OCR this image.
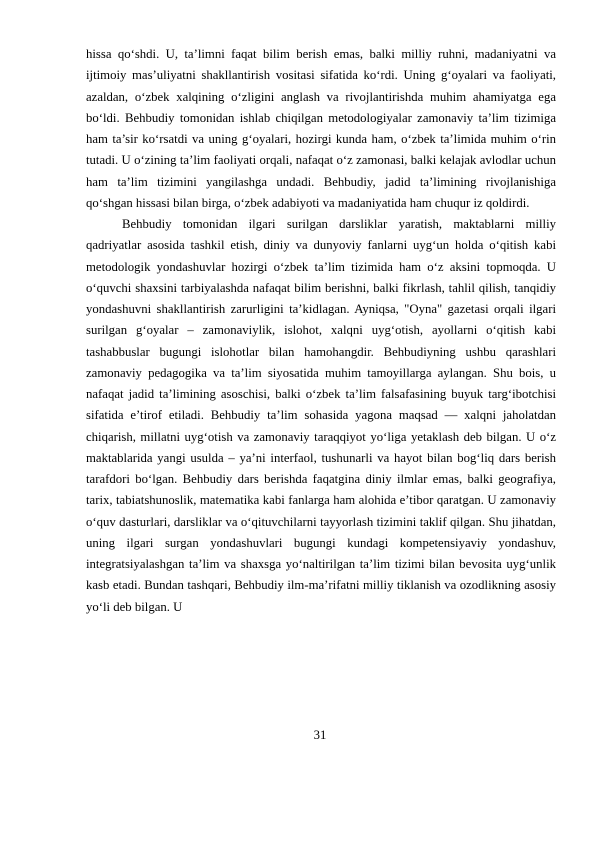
hissa qo‘shdi. U, ta’limni faqat bilim berish emas, balki milliy ruhni, madaniyatni va ijtimoiy mas’uliyatni shakllantirish vositasi sifatida ko‘rdi. Uning g‘oyalari va faoliyati, azaldan, o‘zbek xalqining o‘zligini anglash va rivojlantirishda muhim ahamiyatga ega bo‘ldi. Behbudiy tomonidan ishlab chiqilgan metodologiyalar zamonaviy ta’lim tizimiga ham ta’sir ko‘rsatdi va uning g‘oyalari, hozirgi kunda ham, o‘zbek ta’limida muhim o‘rin tutadi. U o‘zining ta’lim faoliyati orqali, nafaqat o‘z zamonasi, balki kelajak avlodlar uchun ham ta’lim tizimini yangilashga undadi. Behbudiy, jadid ta’limining rivojlanishiga qo‘shgan hissasi bilan birga, o‘zbek adabiyoti va madaniyatida ham chuqur iz qoldirdi.

Behbudiy tomonidan ilgari surilgan darsliklar yaratish, maktablarni milliy qadriyatlar asosida tashkil etish, diniy va dunyoviy fanlarni uyg‘un holda o‘qitish kabi metodologik yondashuvlar hozirgi o‘zbek ta’lim tizimida ham o‘z aksini topmoqda. U o‘quvchi shaxsini tarbiyalashda nafaqat bilim berishni, balki fikrlash, tahlil qilish, tanqidiy yondashuvni shakllantirish zarurligini ta’kidlagan. Ayniqsa, "Oyna" gazetasi orqali ilgari surilgan g‘oyalar – zamonaviylik, islohot, xalqni uyg‘otish, ayollarni o‘qitish kabi tashabbuslar bugungi islohotlar bilan hamohangdir. Behbudiyning ushbu qarashlari zamonaviy pedagogika va ta’lim siyosatida muhim tamoyillarga aylangan. Shu bois, u nafaqat jadid ta’limining asoschisi, balki o‘zbek ta’lim falsafasining buyuk targ‘ibotchisi sifatida e’tirof etiladi. Behbudiy ta’lim sohasida yagona maqsad — xalqni jaholatdan chiqarish, millatni uyg‘otish va zamonaviy taraqqiyot yo‘liga yetaklash deb bilgan. U o‘z maktablarida yangi usulda – ya’ni interfaol, tushunarli va hayot bilan bog‘liq dars berish tarafdori bo‘lgan. Behbudiy dars berishda faqatgina diniy ilmlar emas, balki geografiya, tarix, tabiatshunoslik, matematika kabi fanlarga ham alohida e’tibor qaratgan. U zamonaviy o‘quv dasturlari, darsliklar va o‘qituvchilarni tayyorlash tizimini taklif qilgan. Shu jihatdan, uning ilgari surgan yondashuvlari bugungi kundagi kompetensiyaviy yondashuv, integratsiyalashgan ta’lim va shaxsga yo‘naltirilgan ta’lim tizimi bilan bevosita uyg‘unlik kasb etadi. Bundan tashqari, Behbudiy ilm-ma’rifatni milliy tiklanish va ozodlikning asosiy yo‘li deb bilgan. U

31
